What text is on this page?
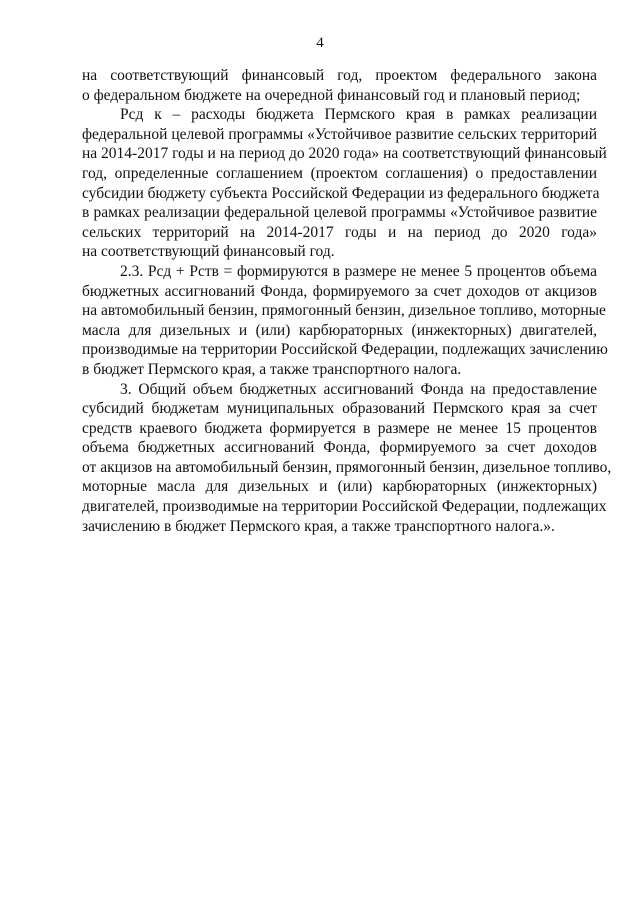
4

на соответствующий финансовый год, проектом федерального закона
о федеральном бюджете на очередной финансовый год и плановый период;

Рсд к – расходы бюджета Пермского края в рамках реализации
федеральной целевой программы «Устойчивое развитие сельских территорий
на 2014-2017 годы и на период до 2020 года» на соответствующий финансовый
год, определенные соглашением (проектом соглашения) о предоставлении
субсидии бюджету субъекта Российской Федерации из федерального бюджета
в рамках реализации федеральной целевой программы «Устойчивое развитие
сельских территорий на 2014-2017 годы и на период до 2020 года»
на соответствующий финансовый год.

2.3. Рсд + Рств = формируются в размере не менее 5 процентов объема
бюджетных ассигнований Фонда, формируемого за счет доходов от акцизов
на автомобильный бензин, прямогонный бензин, дизельное топливо, моторные
масла для дизельных и (или) карбюраторных (инжекторных) двигателей,
производимые на территории Российской Федерации, подлежащих зачислению
в бюджет Пермского края, а также транспортного налога.

3. Общий объем бюджетных ассигнований Фонда на предоставление
субсидий бюджетам муниципальных образований Пермского края за счет
средств краевого бюджета формируется в размере не менее 15 процентов
объема бюджетных ассигнований Фонда, формируемого за счет доходов
от акцизов на автомобильный бензин, прямогонный бензин, дизельное топливо,
моторные масла для дизельных и (или) карбюраторных (инжекторных)
двигателей, производимые на территории Российской Федерации, подлежащих
зачислению в бюджет Пермского края, а также транспортного налога.».
